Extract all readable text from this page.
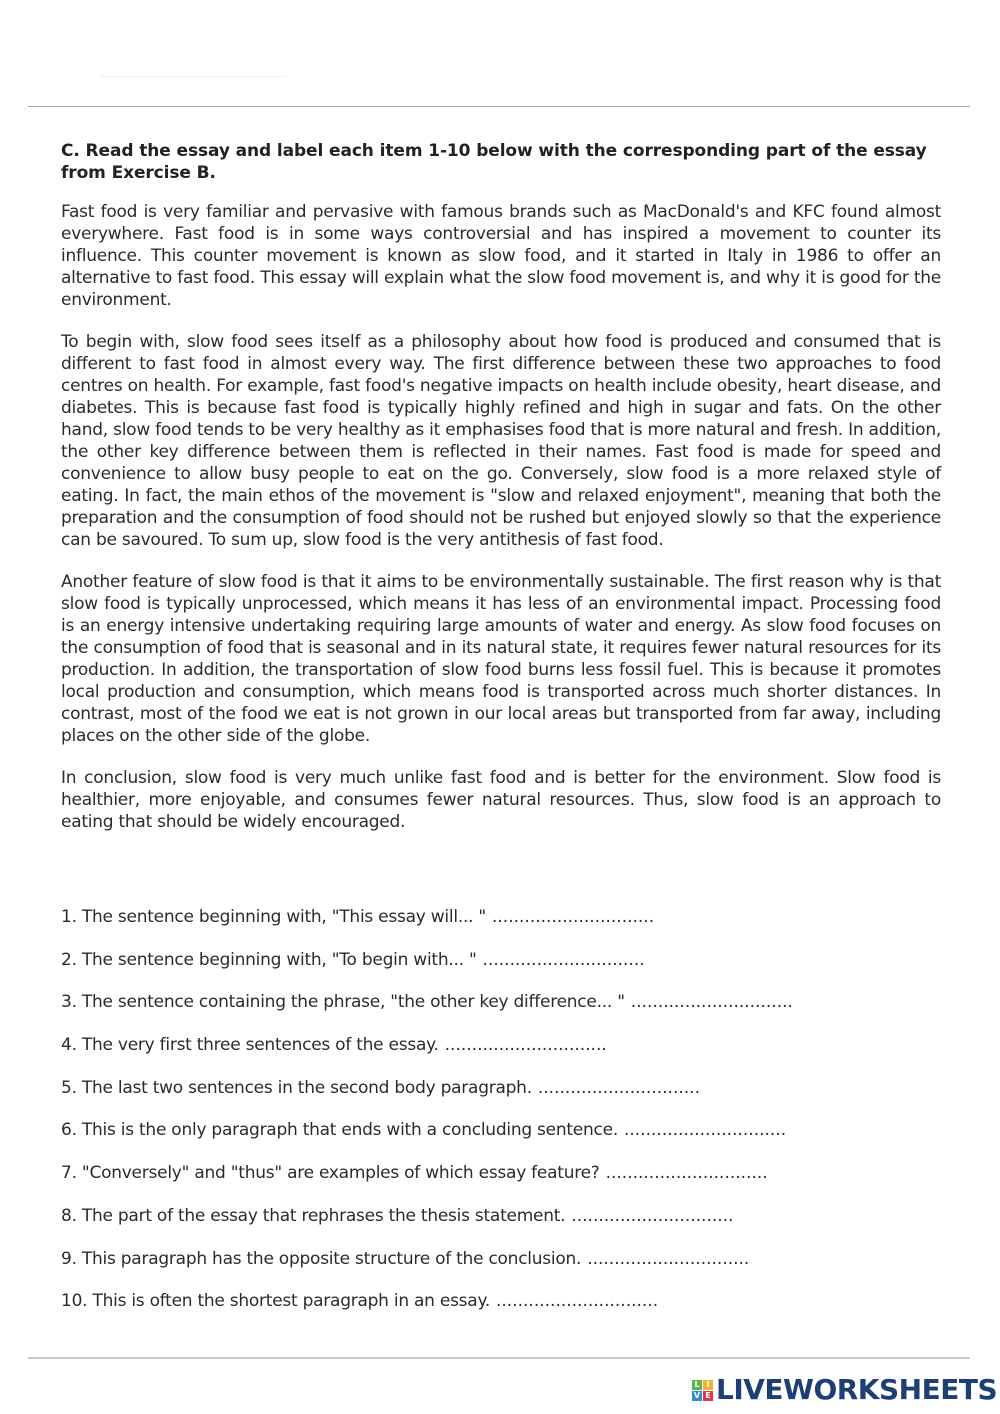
C. Read the essay and label each item 1-10 below with the corresponding part of the essay from Exercise B.

Fast food is very familiar and pervasive with famous brands such as MacDonald's and KFC found almost everywhere. Fast food is in some ways controversial and has inspired a movement to counter its influence. This counter movement is known as slow food, and it started in Italy in 1986 to offer an alternative to fast food. This essay will explain what the slow food movement is, and why it is good for the environment.

To begin with, slow food sees itself as a philosophy about how food is produced and consumed that is different to fast food in almost every way. The first difference between these two approaches to food centres on health. For example, fast food's negative impacts on health include obesity, heart disease, and diabetes. This is because fast food is typically highly refined and high in sugar and fats. On the other hand, slow food tends to be very healthy as it emphasises food that is more natural and fresh. In addition, the other key difference between them is reflected in their names. Fast food is made for speed and convenience to allow busy people to eat on the go. Conversely, slow food is a more relaxed style of eating. In fact, the main ethos of the movement is "slow and relaxed enjoyment", meaning that both the preparation and the consumption of food should not be rushed but enjoyed slowly so that the experience can be savoured. To sum up, slow food is the very antithesis of fast food.

Another feature of slow food is that it aims to be environmentally sustainable. The first reason why is that slow food is typically unprocessed, which means it has less of an environmental impact. Processing food is an energy intensive undertaking requiring large amounts of water and energy. As slow food focuses on the consumption of food that is seasonal and in its natural state, it requires fewer natural resources for its production. In addition, the transportation of slow food burns less fossil fuel. This is because it promotes local production and consumption, which means food is transported across much shorter distances. In contrast, most of the food we eat is not grown in our local areas but transported from far away, including places on the other side of the globe.

In conclusion, slow food is very much unlike fast food and is better for the environment. Slow food is healthier, more enjoyable, and consumes fewer natural resources. Thus, slow food is an approach to eating that should be widely encouraged.

1. The sentence beginning with, "This essay will... " ..............................
2. The sentence beginning with, "To begin with... " ..............................
3. The sentence containing the phrase, "the other key difference... " ..............................
4. The very first three sentences of the essay. ..............................
5. The last two sentences in the second body paragraph. ..............................
6. This is the only paragraph that ends with a concluding sentence. ..............................
7. "Conversely" and "thus" are examples of which essay feature? ..............................
8. The part of the essay that rephrases the thesis statement. ..............................
9. This paragraph has the opposite structure of the conclusion. ..............................
10. This is often the shortest paragraph in an essay. ..............................
L I
V E LIVEWORKSHEETS
